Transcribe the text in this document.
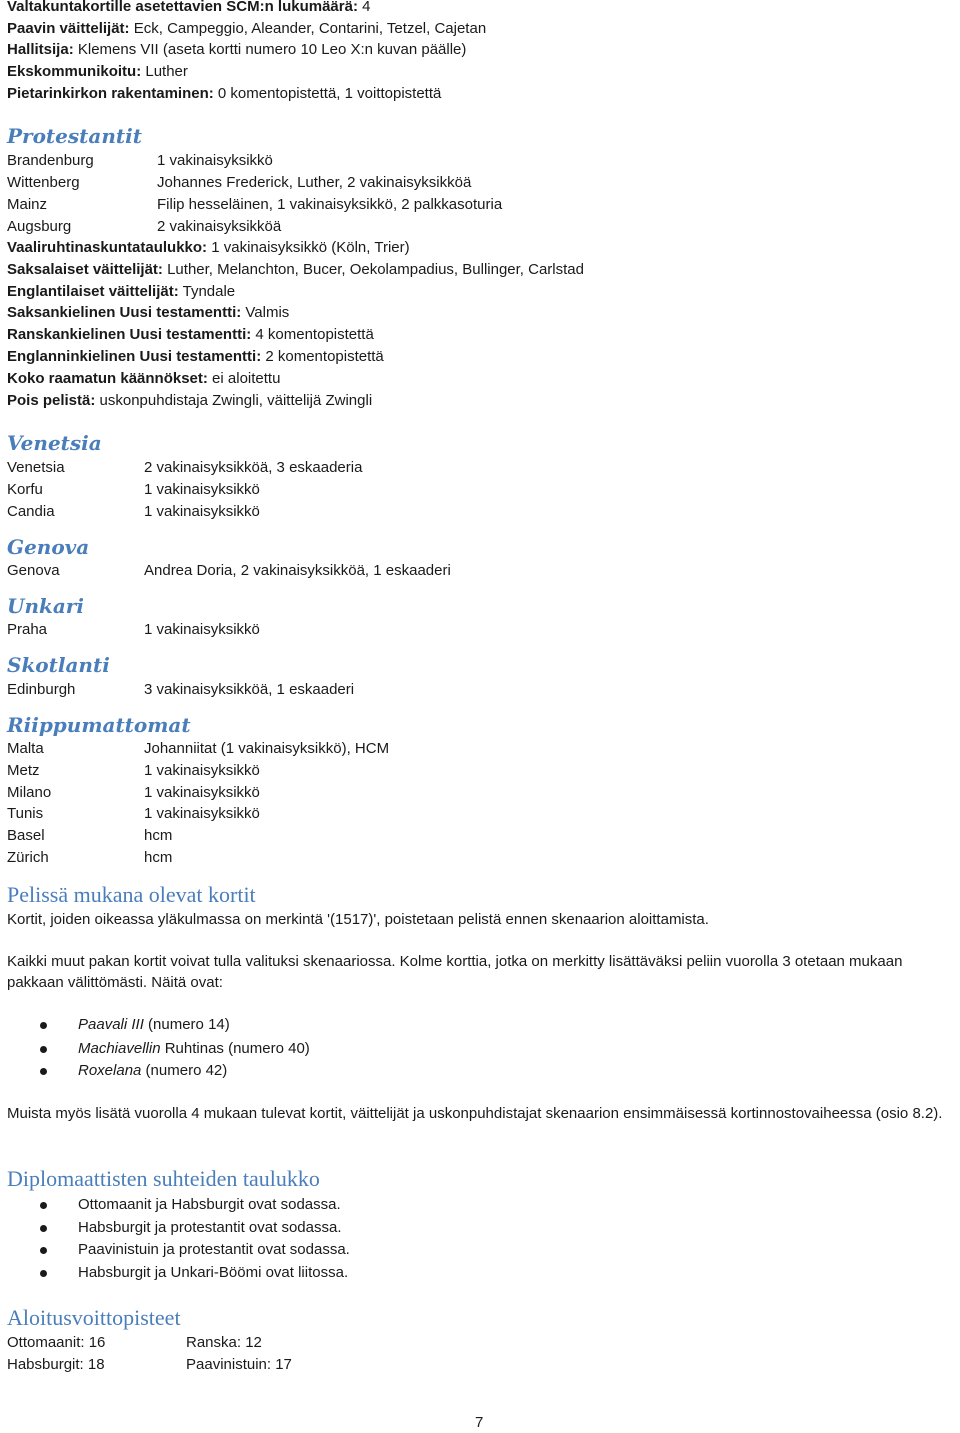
Valtakuntakortille asetettavien SCM:n lukumäärä: 4
Paavin väittelijät: Eck, Campeggio, Aleander, Contarini, Tetzel, Cajetan
Hallitsija: Klemens VII (aseta kortti numero 10 Leo X:n kuvan päälle)
Ekskommunikoitu: Luther
Pietarinkirkon rakentaminen: 0 komentopistettä, 1 voittopistettä
Protestantit
Brandenburg	1 vakinaisyksikkö
Wittenberg	Johannes Frederick, Luther, 2 vakinaisyksikköä
Mainz	Filip hesseläinen, 1 vakinaisyksikkö, 2 palkkasoturia
Augsburg	2 vakinaisyksikköä
Vaaliruhtinaskuntataulukko: 1 vakinaisyksikkö (Köln, Trier)
Saksalaiset väittelijät: Luther, Melanchton, Bucer, Oekolampadius, Bullinger, Carlstad
Englantilaiset väittelijät: Tyndale
Saksankielinen Uusi testamentti: Valmis
Ranskankielinen Uusi testamentti: 4 komentopistettä
Englanninkielinen Uusi testamentti: 2 komentopistettä
Koko raamatun käännökset: ei aloitettu
Pois pelistä: uskonpuhdistaja Zwingli, väittelijä Zwingli
Venetsia
Venetsia	2 vakinaisyksikköä, 3 eskaaderia
Korfu	1 vakinaisyksikkö
Candia	1 vakinaisyksikkö
Genova
Genova	Andrea Doria, 2 vakinaisyksikköä, 1 eskaaderi
Unkari
Praha	1 vakinaisyksikkö
Skotlanti
Edinburgh	3 vakinaisyksikköä, 1 eskaaderi
Riippumattomat
Malta	Johanniitat (1 vakinaisyksikkö), HCM
Metz	1 vakinaisyksikkö
Milano	1 vakinaisyksikkö
Tunis	1 vakinaisyksikkö
Basel	hcm
Zürich	hcm
Pelissä mukana olevat kortit
Kortit, joiden oikeassa yläkulmassa on merkintä '(1517)', poistetaan pelistä ennen skenaarion aloittamista.
Kaikki muut pakan kortit voivat tulla valituksi skenaariossa. Kolme korttia, jotka on merkitty lisättäväksi peliin vuorolla 3 otetaan mukaan pakkaan välittömästi. Näitä ovat:
Paavali III (numero 14)
Machiavellin Ruhtinas (numero 40)
Roxelana (numero 42)
Muista myös lisätä vuorolla 4 mukaan tulevat kortit, väittelijät ja uskonpuhdistajat skenaarion ensimmäisessä kortinnostovaiheessa (osio 8.2).
Diplomaattisten suhteiden taulukko
Ottomaanit ja Habsburgit ovat sodassa.
Habsburgit ja protestantit ovat sodassa.
Paavinistuin ja protestantit ovat sodassa.
Habsburgit ja Unkari-Böömi ovat liitossa.
Aloitusvoittopisteet
Ottomaanit: 16	Ranska: 12
Habsburgit: 18	Paavinistuin: 17
7
